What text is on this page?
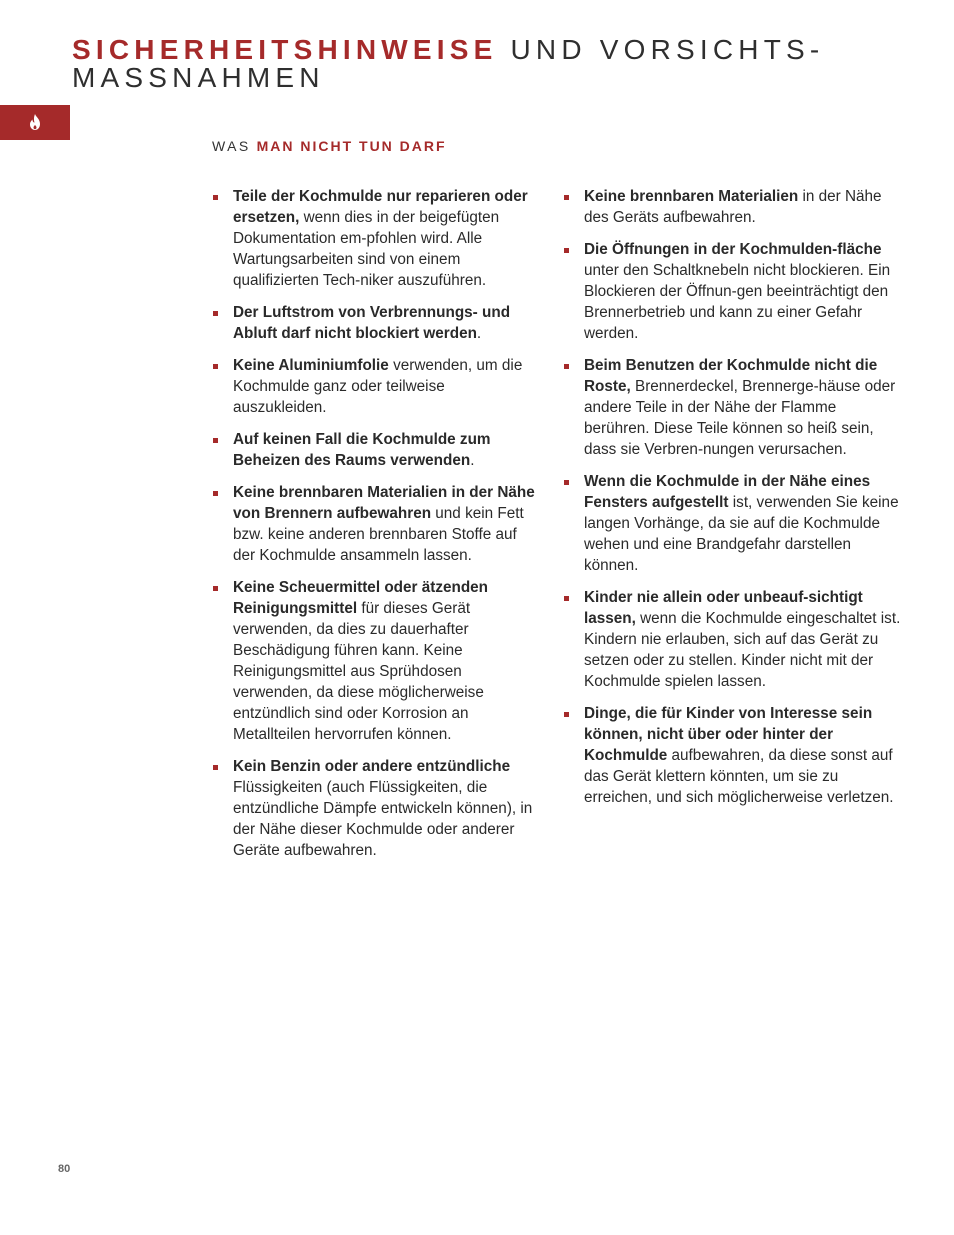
SICHERHEITSHINWEISE UND VORSICHTS-
MASSNAHMEN
WAS MAN NICHT TUN DARF
Teile der Kochmulde nur reparieren oder ersetzen, wenn dies in der beigefügten Dokumentation em-pfohlen wird. Alle Wartungsarbeiten sind von einem qualifizierten Tech-niker auszuführen.
Der Luftstrom von Verbrennungs- und Abluft darf nicht blockiert werden.
Keine Aluminiumfolie verwenden, um die Kochmulde ganz oder teilweise auszukleiden.
Auf keinen Fall die Kochmulde zum Beheizen des Raums verwenden.
Keine brennbaren Materialien in der Nähe von Brennern aufbewahren und kein Fett bzw. keine anderen brennbaren Stoffe auf der Kochmulde ansammeln lassen.
Keine Scheuermittel oder ätzenden Reinigungsmittel für dieses Gerät verwenden, da dies zu dauerhafter Beschädigung führen kann. Keine Reinigungsmittel aus Sprühdosen verwenden, da diese möglicherweise entzündlich sind oder Korrosion an Metallteilen hervorrufen können.
Kein Benzin oder andere entzündliche Flüssigkeiten (auch Flüssigkeiten, die entzündliche Dämpfe entwickeln können), in der Nähe dieser Kochmulde oder anderer Geräte aufbewahren.
Keine brennbaren Materialien in der Nähe des Geräts aufbewahren.
Die Öffnungen in der Kochmulden-fläche unter den Schaltknebeln nicht blockieren. Ein Blockieren der Öffnun-gen beeinträchtigt den Brennerbetrieb und kann zu einer Gefahr werden.
Beim Benutzen der Kochmulde nicht die Roste, Brennerdeckel, Brennerge-häuse oder andere Teile in der Nähe der Flamme berühren. Diese Teile können so heiß sein, dass sie Verbren-nungen verursachen.
Wenn die Kochmulde in der Nähe eines Fensters aufgestellt ist, verwenden Sie keine langen Vorhänge, da sie auf die Kochmulde wehen und eine Brandgefahr darstellen können.
Kinder nie allein oder unbeauf-sichtigt lassen, wenn die Kochmulde eingeschaltet ist. Kindern nie erlauben, sich auf das Gerät zu setzen oder zu stellen. Kinder nicht mit der Kochmulde spielen lassen.
Dinge, die für Kinder von Interesse sein können, nicht über oder hinter der Kochmulde aufbewahren, da diese sonst auf das Gerät klettern könnten, um sie zu erreichen, und sich möglicherweise verletzen.
80
